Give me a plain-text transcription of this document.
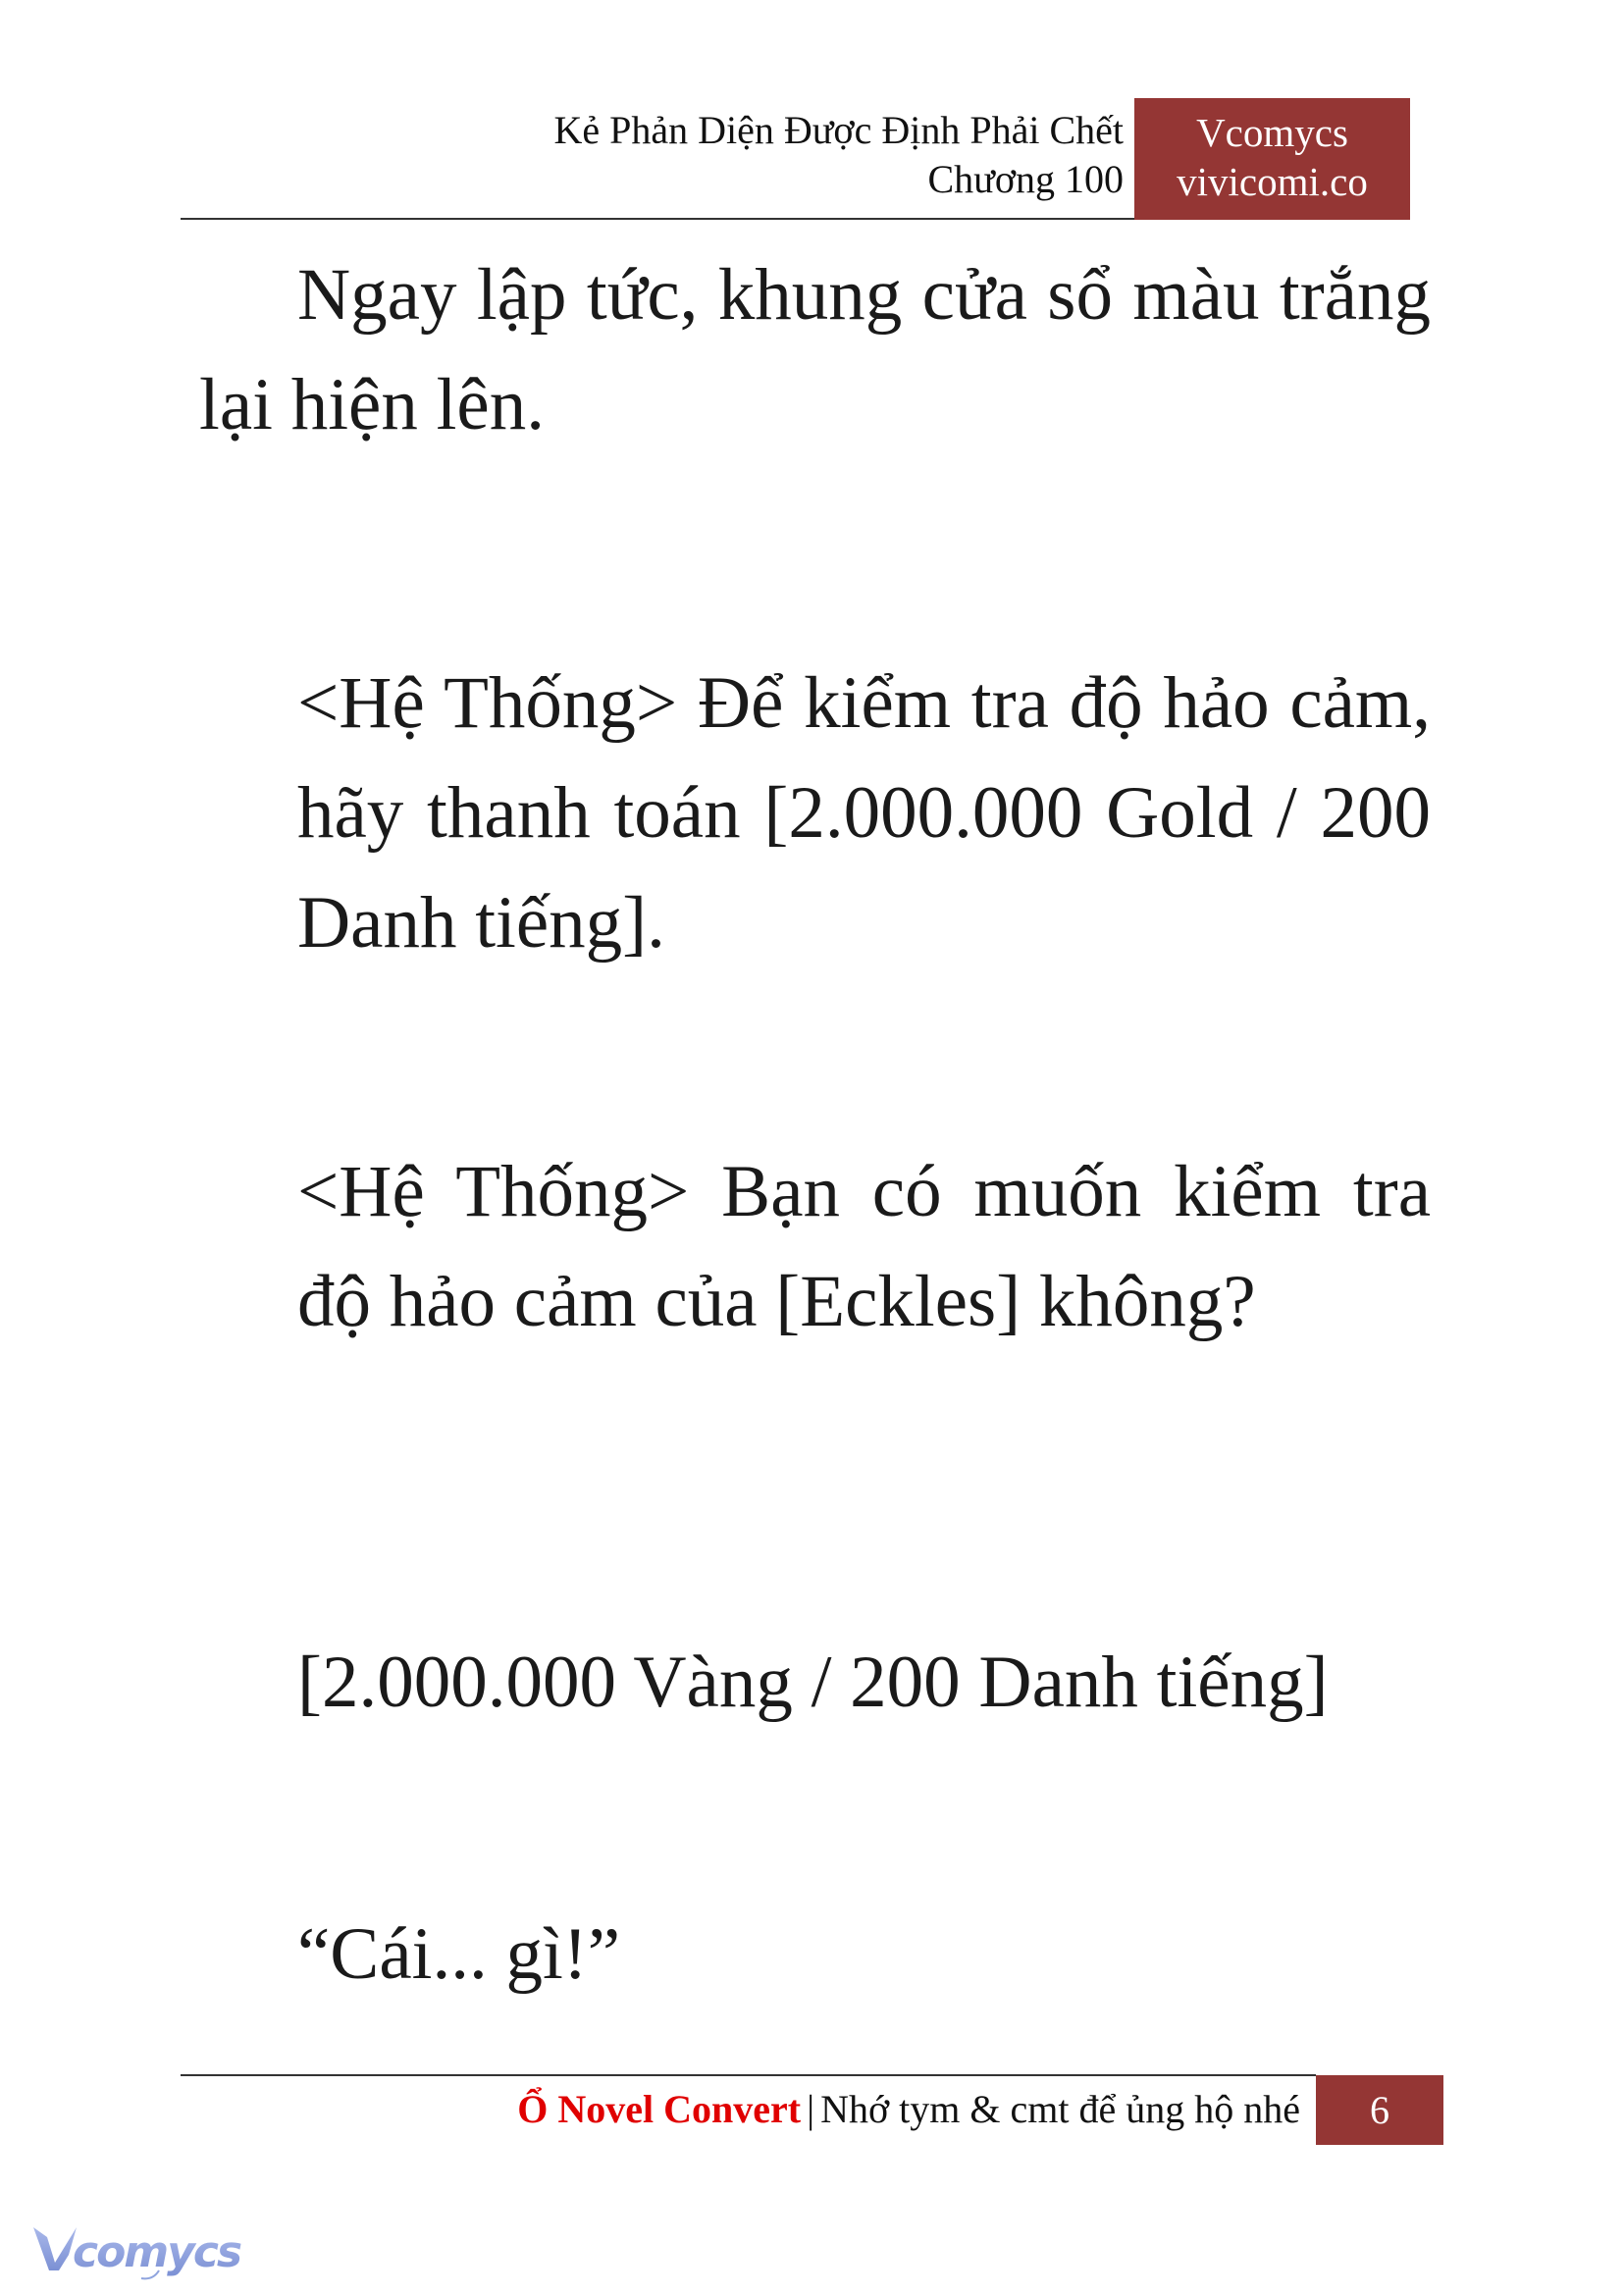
Kẻ Phản Diện Được Định Phải Chết
Chương 100
Vcomycs
vivicomi.co

Ngay lập tức, khung cửa sổ màu trắng lại hiện lên.

<Hệ Thống> Để kiểm tra độ hảo cảm, hãy thanh toán [2.000.000 Gold / 200 Danh tiếng].

<Hệ Thống> Bạn có muốn kiểm tra độ hảo cảm của [Eckles] không?

[2.000.000 Vàng / 200 Danh tiếng]

“Cái... gì!”

Ổ Novel Convert | Nhớ tym & cmt để ủng hộ nhé	6
comycs
